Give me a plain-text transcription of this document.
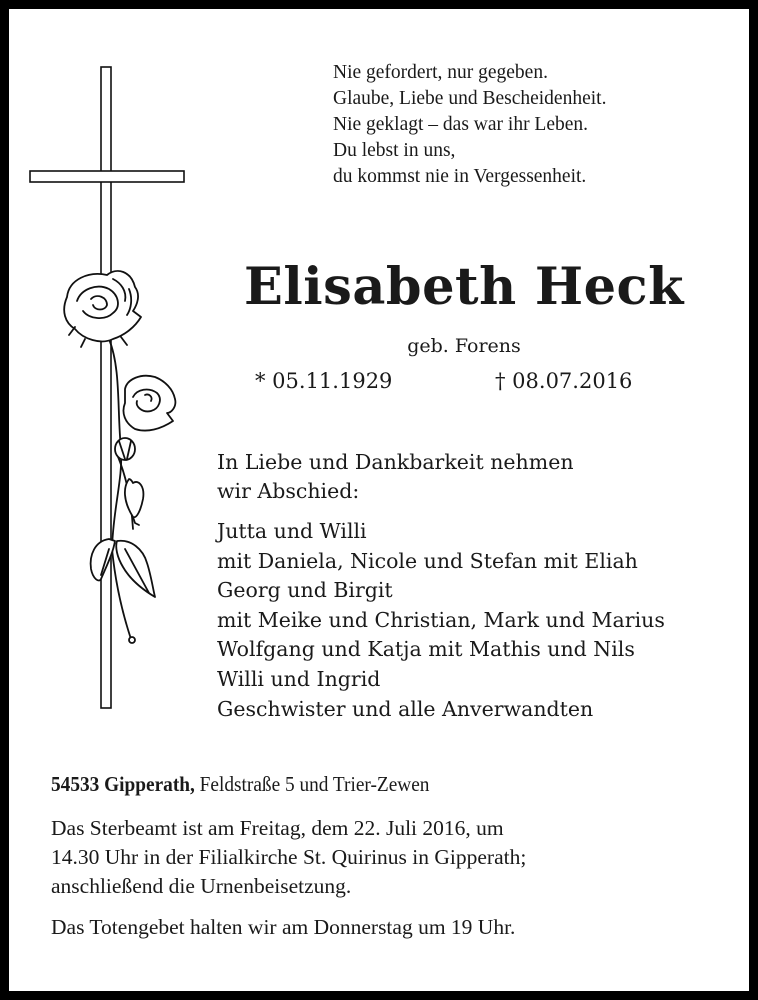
Nie gefordert, nur gegeben.
Glaube, Liebe und Bescheidenheit.
Nie geklagt – das war ihr Leben.
Du lebst in uns,
du kommst nie in Vergessenheit.
Elisabeth Heck
geb. Forens
* 05.11.1929	† 08.07.2016
In Liebe und Dankbarkeit nehmen
wir Abschied:
Jutta und Willi
mit Daniela, Nicole und Stefan mit Eliah
Georg und Birgit
mit Meike und Christian, Mark und Marius
Wolfgang und Katja mit Mathis und Nils
Willi und Ingrid
Geschwister und alle Anverwandten
54533 Gipperath, Feldstraße 5 und Trier-Zewen
Das Sterbeamt ist am Freitag, dem 22. Juli 2016, um
14.30 Uhr in der Filialkirche St. Quirinus in Gipperath;
anschließend die Urnenbeisetzung.
Das Totengebet halten wir am Donnerstag um 19 Uhr.
